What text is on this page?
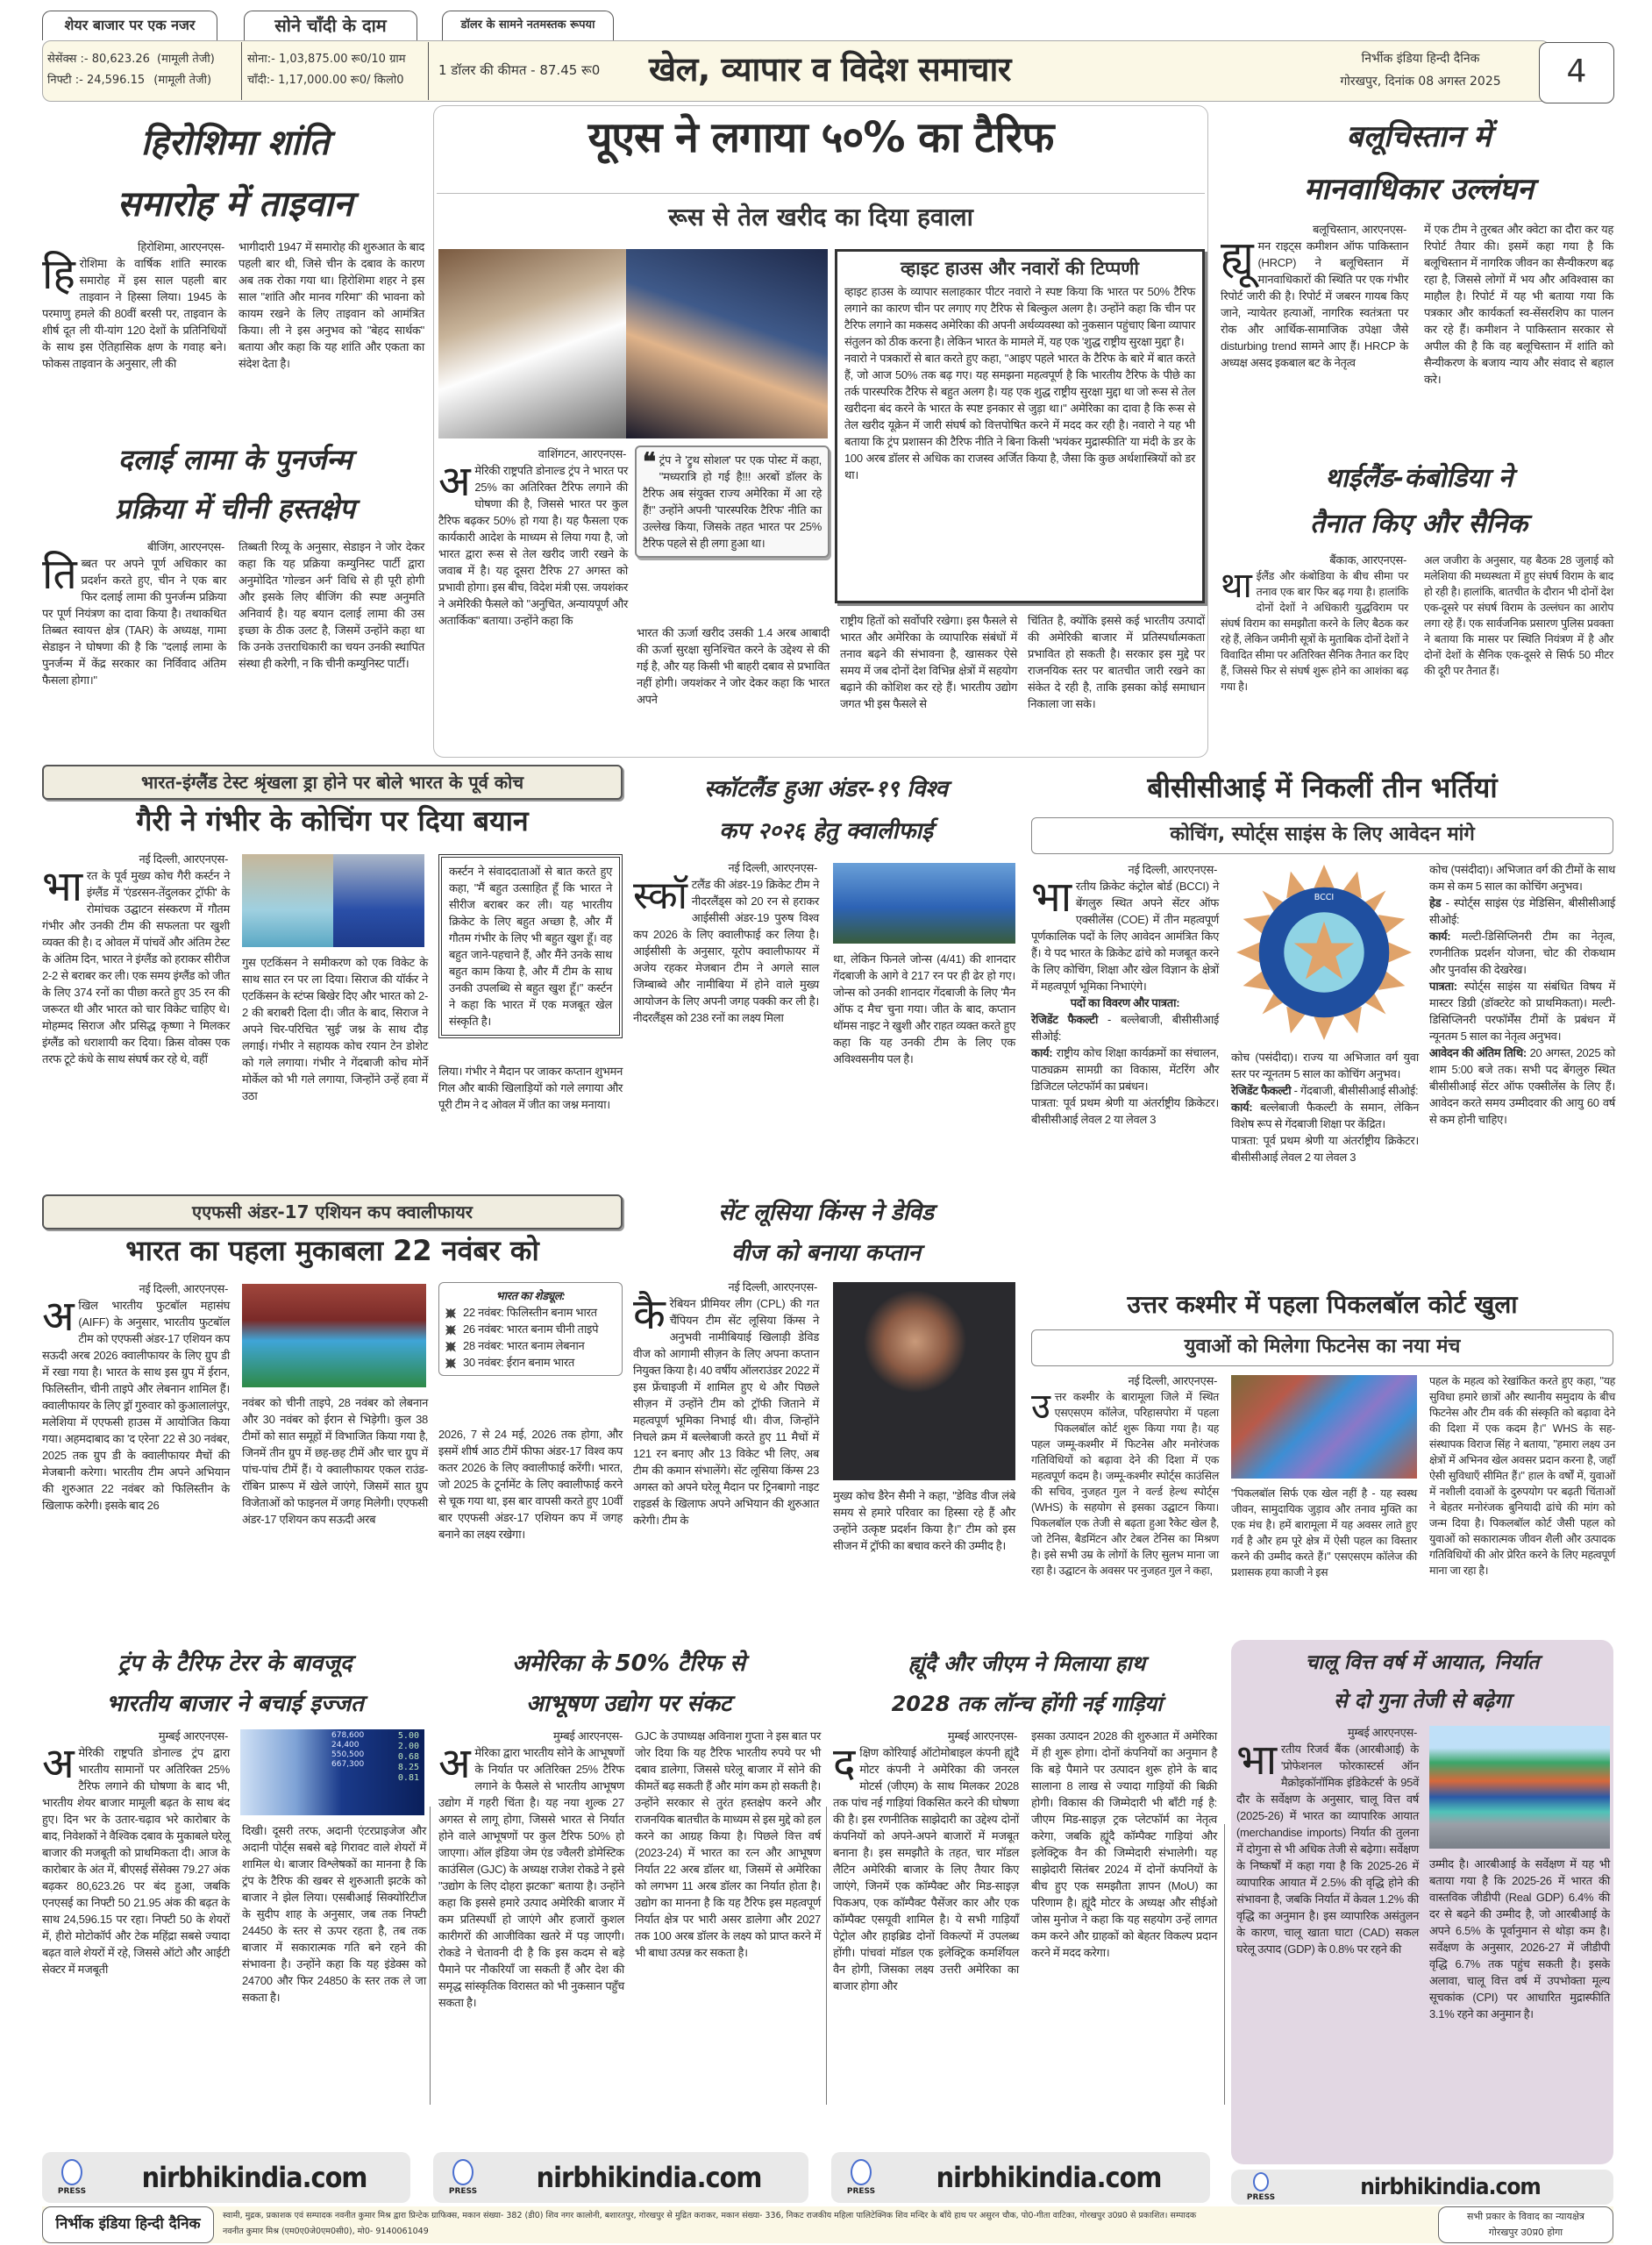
शेयर बाजार पर एक नजर	सोने चाँदी के दाम	डॉलर के सामने नतमस्तक रूपया
सेसेंक्स :- 80,623.26 (मामूली तेजी)
निफ्टी :- 24,596.15 (मामूली तेजी)
सोना:- 1,03,875.00 रू0/10 ग्राम
चाँदी:- 1,17,000.00 रू0/ किलो0
1 डॉलर की कीमत - 87.45 रू0	खेल, व्यापार व विदेश समाचार	निर्भीक इंडिया हिन्दी दैनिक
गोरखपुर, दिनांक 08 अगस्त 2025	4
हिरोशिमा शांति
समारोह में ताइवान
हिरोशिमा, आरएनएस-
हि रोशिमा के वार्षिक शांति स्मारक समारोह में इस साल पहली बार ताइवान ने हिस्सा लिया। 1945 के परमाणु हमले की 80वीं बरसी पर, ताइवान के शीर्ष दूत ली यी-यांग 120 देशों के प्रतिनिधियों के साथ इस ऐतिहासिक क्षण के गवाह बने। फोकस ताइवान के अनुसार, ली की
भागीदारी 1947 में समारोह की शुरुआत के बाद पहली बार थी, जिसे चीन के दबाव के कारण अब तक रोका गया था। हिरोशिमा शहर ने इस साल "शांति और मानव गरिमा" की भावना को कायम रखने के लिए ताइवान को आमंत्रित किया। ली ने इस अनुभव को "बेहद सार्थक" बताया और कहा कि यह शांति और एकता का संदेश देता है।
दलाई लामा के पुनर्जन्म
प्रक्रिया में चीनी हस्तक्षेप
बीजिंग, आरएनएस-
ति ब्बत पर अपने पूर्ण अधिकार का प्रदर्शन करते हुए, चीन ने एक बार फिर दलाई लामा की पुनर्जन्म प्रक्रिया पर पूर्ण नियंत्रण का दावा किया है। तथाकथित तिब्बत स्वायत्त क्षेत्र (TAR) के अध्यक्ष, गामा सेडाइन ने घोषणा की है कि "दलाई लामा के पुनर्जन्म में केंद्र सरकार का निर्विवाद अंतिम फैसला होगा।"
तिब्बती रिव्यू के अनुसार, सेडाइन ने जोर देकर कहा कि यह प्रक्रिया कम्युनिस्ट पार्टी द्वारा अनुमोदित 'गोल्डन अर्न' विधि से ही पूरी होगी और इसके लिए बीजिंग की स्पष्ट अनुमति अनिवार्य है। यह बयान दलाई लामा की उस इच्छा के ठीक उलट है, जिसमें उन्होंने कहा था कि उनके उत्तराधिकारी का चयन उनकी स्थापित संस्था ही करेगी, न कि चीनी कम्युनिस्ट पार्टी।
यूएस ने लगाया ५०% का टैरिफ
रूस से तेल खरीद का दिया हवाला
वाशिंगटन, आरएनएस-
अ मेरिकी राष्ट्रपति डोनाल्ड ट्रंप ने भारत पर 25% का अतिरिक्त टैरिफ लगाने की घोषणा की है, जिससे भारत पर कुल टैरिफ बढ़कर 50% हो गया है। यह फैसला एक कार्यकारी आदेश के माध्यम से लिया गया है, जो भारत द्वारा रूस से तेल खरीद जारी रखने के जवाब में है। यह दूसरा टैरिफ 27 अगस्त को प्रभावी होगा। इस बीच, विदेश मंत्री एस. जयशंकर ने अमेरिकी फैसले को "अनुचित, अन्यायपूर्ण और अतार्किक" बताया। उन्होंने कहा कि
❝ ट्रंप ने 'ट्रुथ सोशल' पर एक पोस्ट में कहा, "मध्यरात्रि हो गई है!!! अरबों डॉलर के टैरिफ अब संयुक्त राज्य अमेरिका में आ रहे हैं!" उन्होंने अपनी 'पारस्परिक टैरिफ' नीति का उल्लेख किया, जिसके तहत भारत पर 25% टैरिफ पहले से ही लगा हुआ था।
भारत की ऊर्जा खरीद उसकी 1.4 अरब आबादी की ऊर्जा सुरक्षा सुनिश्चित करने के उद्देश्य से की गई है, और यह किसी भी बाहरी दबाव से प्रभावित नहीं होगी। जयशंकर ने जोर देकर कहा कि भारत अपने
व्हाइट हाउस और नवारों की टिप्पणी

व्हाइट हाउस के व्यापार सलाहकार पीटर नवारो ने स्पष्ट किया कि भारत पर 50% टैरिफ लगाने का कारण चीन पर लगाए गए टैरिफ से बिल्कुल अलग है। उन्होंने कहा कि चीन पर टैरिफ लगाने का मकसद अमेरिका की अपनी अर्थव्यवस्था को नुकसान पहुंचाए बिना व्यापार संतुलन को ठीक करना है। लेकिन भारत के मामले में, यह एक 'शुद्ध राष्ट्रीय सुरक्षा मुद्दा' है।

नवारो ने पत्रकारों से बात करते हुए कहा, "आइए पहले भारत के टैरिफ के बारे में बात करते हैं, जो आज 50% तक बढ़ गए। यह समझना महत्वपूर्ण है कि भारतीय टैरिफ के पीछे का तर्क पारस्परिक टैरिफ से बहुत अलग है। यह एक शुद्ध राष्ट्रीय सुरक्षा मुद्दा था जो रूस से तेल खरीदना बंद करने के भारत के स्पष्ट इनकार से जुड़ा था।" अमेरिका का दावा है कि रूस से तेल खरीद यूक्रेन में जारी संघर्ष को वित्तपोषित करने में मदद कर रही है। नवारो ने यह भी बताया कि ट्रंप प्रशासन की टैरिफ नीति ने बिना किसी 'भयंकर मुद्रास्फीति' या मंदी के डर के 100 अरब डॉलर से अधिक का राजस्व अर्जित किया है, जैसा कि कुछ अर्थशास्त्रियों को डर था।

राष्ट्रीय हितों को सर्वोपरि रखेगा। इस फैसले से भारत और अमेरिका के व्यापारिक संबंधों में तनाव बढ़ने की संभावना है, खासकर ऐसे समय में जब दोनों देश विभिन्न क्षेत्रों में सहयोग बढ़ाने की कोशिश कर रहे हैं। भारतीय उद्योग जगत भी इस फैसले से
चिंतित है, क्योंकि इससे कई भारतीय उत्पादों की अमेरिकी बाजार में प्रतिस्पर्धात्मकता प्रभावित हो सकती है। सरकार इस मुद्दे पर राजनयिक स्तर पर बातचीत जारी रखने का संकेत दे रही है, ताकि इसका कोई समाधान निकाला जा सके।
बलूचिस्तान में
मानवाधिकार उल्लंघन
बलूचिस्तान, आरएनएस-
ह्यू मन राइट्स कमीशन ऑफ पाकिस्तान (HRCP) ने बलूचिस्तान में मानवाधिकारों की स्थिति पर एक गंभीर रिपोर्ट जारी की है। रिपोर्ट में जबरन गायब किए जाने, न्यायेतर हत्याओं, नागरिक स्वतंत्रता पर रोक और आर्थिक-सामाजिक उपेक्षा जैसे disturbing trend सामने आए हैं। HRCP के अध्यक्ष असद इकबाल बट के नेतृत्व
में एक टीम ने तुरबत और क्वेटा का दौरा कर यह रिपोर्ट तैयार की। इसमें कहा गया है कि बलूचिस्तान में नागरिक जीवन का सैन्यीकरण बढ़ रहा है, जिससे लोगों में भय और अविश्वास का माहौल है। रिपोर्ट में यह भी बताया गया कि पत्रकार और कार्यकर्ता स्व-सेंसरशिप का पालन कर रहे हैं। कमीशन ने पाकिस्तान सरकार से अपील की है कि वह बलूचिस्तान में शांति को सैन्यीकरण के बजाय न्याय और संवाद से बहाल करे।
थाईलैंड-कंबोडिया ने
तैनात किए और सैनिक
बैंकाक, आरएनएस-
था ईलैंड और कंबोडिया के बीच सीमा पर तनाव एक बार फिर बढ़ गया है। हालांकि दोनों देशों ने अधिकारी युद्धविराम पर संघर्ष विराम का समझौता करने के लिए बैठक कर रहे हैं, लेकिन जमीनी सूत्रों के मुताबिक दोनों देशों ने विवादित सीमा पर अतिरिक्त सैनिक तैनात कर दिए हैं, जिससे फिर से संघर्ष शुरू होने का आशंका बढ़ गया है।
अल जजीरा के अनुसार, यह बैठक 28 जुलाई को मलेशिया की मध्यस्थता में हुए संघर्ष विराम के बाद हो रही है। हालांकि, बातचीत के दौरान भी दोनों देश एक-दूसरे पर संघर्ष विराम के उल्लंघन का आरोप लगा रहे हैं। एक सार्वजनिक प्रसारण पुलिस प्रवक्ता ने बताया कि मासर पर स्थिति नियंत्रण में है और दोनों देशों के सैनिक एक-दूसरे से सिर्फ 50 मीटर की दूरी पर तैनात हैं।
भारत-इंग्लैंड टेस्ट श्रृंखला ड्रा होने पर बोले भारत के पूर्व कोच
गैरी ने गंभीर के कोचिंग पर दिया बयान
नई दिल्ली, आरएनएस-
भा रत के पूर्व मुख्य कोच गैरी कर्स्टन ने इंग्लैंड में 'एंडरसन-तेंदुलकर ट्रॉफी' के रोमांचक उद्घाटन संस्करण में गौतम गंभीर और उनकी टीम की सफलता पर खुशी व्यक्त की है। द ओवल में पांचवें और अंतिम टेस्ट के अंतिम दिन, भारत ने इंग्लैंड को हराकर सीरीज 2-2 से बराबर कर ली। एक समय इंग्लैंड को जीत के लिए 374 रनों का पीछा करते हुए 35 रन की जरूरत थी और भारत को चार विकेट चाहिए थे। मोहम्मद सिराज और प्रसिद्ध कृष्णा ने मिलकर इंग्लैंड को धराशायी कर दिया। क्रिस वोक्स एक तरफ टूटे कंधे के साथ संघर्ष कर रहे थे, वहीं
गुस एटकिंसन ने समीकरण को एक विकेट के साथ सात रन पर ला दिया। सिराज की यॉर्कर ने एटकिंसन के स्टंप्स बिखेर दिए और भारत को 2-2 की बराबरी दिला दी। जीत के बाद, सिराज ने अपने चिर-परिचित 'सुई' जश्न के साथ दौड़ लगाई। गंभीर ने सहायक कोच रयान टेन डोशेट को गले लगाया। गंभीर ने गेंदबाजी कोच मोर्ने मोर्केल को भी गले लगाया, जिन्होंने उन्हें हवा में उठा
कर्स्टन ने संवाददाताओं से बात करते हुए कहा, "मैं बहुत उत्साहित हूँ कि भारत ने सीरीज बराबर कर ली। यह भारतीय क्रिकेट के लिए बहुत अच्छा है, और मैं गौतम गंभीर के लिए भी बहुत खुश हूँ। वह बहुत जाने-पहचाने हैं, और मैंने उनके साथ बहुत काम किया है, और मैं टीम के साथ उनकी उपलब्धि से बहुत खुश हूँ।" कर्स्टन ने कहा कि भारत में एक मजबूत खेल संस्कृति है।
लिया। गंभीर ने मैदान पर जाकर कप्तान शुभमन गिल और बाकी खिलाड़ियों को गले लगाया और पूरी टीम ने द ओवल में जीत का जश्न मनाया।
स्कॉटलैंड हुआ अंडर-१९ विश्व
कप २०२६ हेतु क्वालीफाई
नई दिल्ली, आरएनएस-
स्कॉ टलैंड की अंडर-19 क्रिकेट टीम ने नीदरलैंड्स को 20 रन से हराकर आईसीसी अंडर-19 पुरुष विश्व कप 2026 के लिए क्वालीफाई कर लिया है। आईसीसी के अनुसार, यूरोप क्वालीफायर में अजेय रहकर मेजबान टीम ने अगले साल जिम्बाब्वे और नामीबिया में होने वाले मुख्य आयोजन के लिए अपनी जगह पक्की कर ली है। नीदरलैंड्स को 238 रनों का लक्ष्य मिला
था, लेकिन फिनले जोन्स (4/41) की शानदार गेंदबाजी के आगे वे 217 रन पर ही ढेर हो गए। जोन्स को उनकी शानदार गेंदबाजी के लिए 'मैन ऑफ द मैच' चुना गया। जीत के बाद, कप्तान थॉमस नाइट ने खुशी और राहत व्यक्त करते हुए कहा कि यह उनकी टीम के लिए एक अविश्वसनीय पल है।
बीसीसीआई में निकलीं तीन भर्तियां
कोचिंग, स्पोर्ट्स साइंस के लिए आवेदन मांगे
नई दिल्ली, आरएनएस-
भा रतीय क्रिकेट कंट्रोल बोर्ड (BCCI) ने बेंगलुरु स्थित अपने सेंटर ऑफ एक्सीलेंस (COE) में तीन महत्वपूर्ण पूर्णकालिक पदों के लिए आवेदन आमंत्रित किए हैं। ये पद भारत के क्रिकेट ढांचे को मजबूत करने के लिए कोचिंग, शिक्षा और खेल विज्ञान के क्षेत्रों में महत्वपूर्ण भूमिका निभाएंगे।
पदों का विवरण और पात्रता:
रेजिडेंट फैकल्टी - बल्लेबाजी, बीसीसीआई सीओई:
कार्य: राष्ट्रीय कोच शिक्षा कार्यक्रमों का संचालन, पाठ्यक्रम सामग्री का विकास, मेंटरिंग और डिजिटल प्लेटफॉर्म का प्रबंधन।
पात्रता: पूर्व प्रथम श्रेणी या अंतर्राष्ट्रीय क्रिकेटर। बीसीसीआई लेवल 2 या लेवल 3
BCCI
कोच (पसंदीदा)। राज्य या अभिजात वर्ग युवा स्तर पर न्यूनतम 5 साल का कोचिंग अनुभव।
रेजिडेंट फैकल्टी - गेंदबाजी, बीसीसीआई सीओई:
कार्य: बल्लेबाजी फैकल्टी के समान, लेकिन विशेष रूप से गेंदबाजी शिक्षा पर केंद्रित।
पात्रता: पूर्व प्रथम श्रेणी या अंतर्राष्ट्रीय क्रिकेटर। बीसीसीआई लेवल 2 या लेवल 3
कोच (पसंदीदा)। अभिजात वर्ग की टीमों के साथ कम से कम 5 साल का कोचिंग अनुभव।
हेड - स्पोर्ट्स साइंस एंड मेडिसिन, बीसीसीआई सीओई:
कार्य: मल्टी-डिसिप्लिनरी टीम का नेतृत्व, रणनीतिक प्रदर्शन योजना, चोट की रोकथाम और पुनर्वास की देखरेख।
पात्रता: स्पोर्ट्स साइंस या संबंधित विषय में मास्टर डिग्री (डॉक्टरेट को प्राथमिकता)। मल्टी-डिसिप्लिनरी परफॉर्मेंस टीमों के प्रबंधन में न्यूनतम 5 साल का नेतृत्व अनुभव।
आवेदन की अंतिम तिथि: 20 अगस्त, 2025 को शाम 5:00 बजे तक। सभी पद बेंगलुरु स्थित बीसीसीआई सेंटर ऑफ एक्सीलेंस के लिए हैं। आवेदन करते समय उम्मीदवार की आयु 60 वर्ष से कम होनी चाहिए।
एएफसी अंडर-17 एशियन कप क्वालीफायर
भारत का पहला मुकाबला 22 नवंबर को
नई दिल्ली, आरएनएस-
अ खिल भारतीय फुटबॉल महासंघ (AIFF) के अनुसार, भारतीय फुटबॉल टीम को एएफसी अंडर-17 एशियन कप सऊदी अरब 2026 क्वालीफायर के लिए ग्रुप डी में रखा गया है। भारत के साथ इस ग्रुप में ईरान, फिलिस्तीन, चीनी ताइपे और लेबनान शामिल हैं। क्वालीफायर के लिए ड्रॉ गुरुवार को कुआलालंपुर, मलेशिया में एएफसी हाउस में आयोजित किया गया। अहमदाबाद का 'द एरेना' 22 से 30 नवंबर, 2025 तक ग्रुप डी के क्वालीफायर मैचों की मेजबानी करेगा। भारतीय टीम अपने अभियान की शुरुआत 22 नवंबर को फिलिस्तीन के खिलाफ करेगी। इसके बाद 26
नवंबर को चीनी ताइपे, 28 नवंबर को लेबनान और 30 नवंबर को ईरान से भिड़ेगी। कुल 38 टीमों को सात समूहों में विभाजित किया गया है, जिनमें तीन ग्रुप में छह-छह टीमें और चार ग्रुप में पांच-पांच टीमें हैं। ये क्वालीफायर एकल राउंड-रॉबिन प्रारूप में खेले जाएंगे, जिसमें सात ग्रुप विजेताओं को फाइनल में जगह मिलेगी। एएफसी अंडर-17 एशियन कप सऊदी अरब
भारत का शेड्यूल:
22 नवंबर: फिलिस्तीन बनाम भारत
26 नवंबर: भारत बनाम चीनी ताइपे
28 नवंबर: भारत बनाम लेबनान
30 नवंबर: ईरान बनाम भारत
2026, 7 से 24 मई, 2026 तक होगा, और इसमें शीर्ष आठ टीमें फीफा अंडर-17 विश्व कप कतर 2026 के लिए क्वालीफाई करेंगी। भारत, जो 2025 के टूर्नामेंट के लिए क्वालीफाई करने से चूक गया था, इस बार वापसी करते हुए 10वीं बार एएफसी अंडर-17 एशियन कप में जगह बनाने का लक्ष्य रखेगा।
सेंट लूसिया किंग्स ने डेविड
वीज को बनाया कप्तान
नई दिल्ली, आरएनएस-
कै रेबियन प्रीमियर लीग (CPL) की गत चैंपियन टीम सेंट लूसिया किंग्स ने अनुभवी नामीबियाई खिलाड़ी डेविड वीज को आगामी सीज़न के लिए अपना कप्तान नियुक्त किया है। 40 वर्षीय ऑलराउंडर 2022 में इस फ्रेंचाइजी में शामिल हुए थे और पिछले सीज़न में उन्होंने टीम को ट्रॉफी जिताने में महत्वपूर्ण भूमिका निभाई थी। वीज, जिन्होंने निचले क्रम में बल्लेबाजी करते हुए 11 मैचों में 121 रन बनाए और 13 विकेट भी लिए, अब टीम की कमान संभालेंगे। सेंट लूसिया किंग्स 23 अगस्त को अपने घरेलू मैदान पर ट्रिनबागो नाइट राइडर्स के खिलाफ अपने अभियान की शुरुआत करेगी। टीम के
मुख्य कोच डैरेन सैमी ने कहा, "डेविड वीज लंबे समय से हमारे परिवार का हिस्सा रहे हैं और उन्होंने उत्कृष्ट प्रदर्शन किया है।" टीम को इस सीजन में ट्रॉफी का बचाव करने की उम्मीद है।
उत्तर कश्मीर में पहला पिकलबॉल कोर्ट खुला
युवाओं को मिलेगा फिटनेस का नया मंच
नई दिल्ली, आरएनएस-
उ त्तर कश्मीर के बारामूला जिले में स्थित एसएसएम कॉलेज, परिहासपोरा में पहला पिकलबॉल कोर्ट शुरू किया गया है। यह पहल जम्मू-कश्मीर में फिटनेस और मनोरंजक गतिविधियों को बढ़ावा देने की दिशा में एक महत्वपूर्ण कदम है। जम्मू-कश्मीर स्पोर्ट्स काउंसिल की सचिव, नुजहत गुल ने वर्ल्ड हेल्थ स्पोर्ट्स (WHS) के सहयोग से इसका उद्घाटन किया। पिकलबॉल एक तेजी से बढ़ता हुआ रैकेट खेल है, जो टेनिस, बैडमिंटन और टेबल टेनिस का मिश्रण है। इसे सभी उम्र के लोगों के लिए सुलभ माना जा रहा है। उद्घाटन के अवसर पर नुजहत गुल ने कहा,
"पिकलबॉल सिर्फ एक खेल नहीं है - यह स्वस्थ जीवन, सामुदायिक जुड़ाव और तनाव मुक्ति का एक मंच है। हमें बारामूला में यह अवसर लाते हुए गर्व है और हम पूरे क्षेत्र में ऐसी पहल का विस्तार करने की उम्मीद करते हैं।" एसएसएम कॉलेज की प्रशासक हया काजी ने इस
पहल के महत्व को रेखांकित करते हुए कहा, "यह सुविधा हमारे छात्रों और स्थानीय समुदाय के बीच फिटनेस और टीम वर्क की संस्कृति को बढ़ावा देने की दिशा में एक कदम है।" WHS के सह-संस्थापक विराज सिंह ने बताया, "हमारा लक्ष्य उन क्षेत्रों में अभिनव खेल अवसर प्रदान करना है, जहाँ ऐसी सुविधाएँ सीमित हैं।" हाल के वर्षों में, युवाओं में नशीली दवाओं के दुरुपयोग पर बढ़ती चिंताओं ने बेहतर मनोरंजक बुनियादी ढांचे की मांग को जन्म दिया है। पिकलबॉल कोर्ट जैसी पहल को युवाओं को सकारात्मक जीवन शैली और उत्पादक गतिविधियों की ओर प्रेरित करने के लिए महत्वपूर्ण माना जा रहा है।
ट्रंप के टैरिफ टेरर के बावजूद
भारतीय बाजार ने बचाई इज्जत
मुम्बई आरएनएस-
अ मेरिकी राष्ट्रपति डोनाल्ड ट्रंप द्वारा भारतीय सामानों पर अतिरिक्त 25% टैरिफ लगाने की घोषणा के बाद भी, भारतीय शेयर बाजार मामूली बढ़त के साथ बंद हुए। दिन भर के उतार-चढ़ाव भरे कारोबार के बाद, निवेशकों ने वैश्विक दबाव के मुकाबले घरेलू बाजार की मजबूती को प्राथमिकता दी। आज के कारोबार के अंत में, बीएसई सेंसेक्स 79.27 अंक बढ़कर 80,623.26 पर बंद हुआ, जबकि एनएसई का निफ्टी 50 21.95 अंक की बढ़त के साथ 24,596.15 पर रहा। निफ्टी 50 के शेयरों में, हीरो मोटोकॉर्प और टेक महिंद्रा सबसे ज्यादा बढ़त वाले शेयरों में रहे, जिससे ऑटो और आईटी सेक्टर में मजबूती
5.00
2.00
0.68
8.25
0.81
678,600
24,400
550,500
667,300
दिखी। दूसरी तरफ, अदानी एंटरप्राइजेज और अदानी पोर्ट्स सबसे बड़े गिरावट वाले शेयरों में शामिल थे। बाजार विश्लेषकों का मानना है कि ट्रंप के टैरिफ की खबर से शुरुआती झटके को बाजार ने झेल लिया। एसबीआई सिक्योरिटीज के सुदीप शाह के अनुसार, जब तक निफ्टी 24450 के स्तर से ऊपर रहता है, तब तक बाजार में सकारात्मक गति बने रहने की संभावना है। उन्होंने कहा कि यह इंडेक्स को 24700 और फिर 24850 के स्तर तक ले जा सकता है।
अमेरिका के 50% टैरिफ से
आभूषण उद्योग पर संकट
मुम्बई आरएनएस-
अ मेरिका द्वारा भारतीय सोने के आभूषणों के निर्यात पर अतिरिक्त 25% टैरिफ लगाने के फैसले से भारतीय आभूषण उद्योग में गहरी चिंता है। यह नया शुल्क 27 अगस्त से लागू होगा, जिससे भारत से निर्यात होने वाले आभूषणों पर कुल टैरिफ 50% हो जाएगा। ऑल इंडिया जेम एंड ज्वैलरी डोमेस्टिक काउंसिल (GJC) के अध्यक्ष राजेश रोकडे ने इसे "उद्योग के लिए दोहरा झटका" बताया है। उन्होंने कहा कि इससे हमारे उत्पाद अमेरिकी बाजार में कम प्रतिस्पर्धी हो जाएंगे और हजारों कुशल कारीगरों की आजीविका खतरे में पड़ जाएगी। रोकडे ने चेतावनी दी है कि इस कदम से बड़े पैमाने पर नौकरियाँ जा सकती हैं और देश की समृद्ध सांस्कृतिक विरासत को भी नुकसान पहुँच सकता है।
GJC के उपाध्यक्ष अविनाश गुप्ता ने इस बात पर जोर दिया कि यह टैरिफ भारतीय रुपये पर भी दबाव डालेगा, जिससे घरेलू बाजार में सोने की कीमतें बढ़ सकती हैं और मांग कम हो सकती है। उन्होंने सरकार से तुरंत हस्तक्षेप करने और राजनयिक बातचीत के माध्यम से इस मुद्दे को हल करने का आग्रह किया है। पिछले वित्त वर्ष (2023-24) में भारत का रत्न और आभूषण निर्यात 22 अरब डॉलर था, जिसमें से अमेरिका को लगभग 11 अरब डॉलर का निर्यात होता है। उद्योग का मानना है कि यह टैरिफ इस महत्वपूर्ण निर्यात क्षेत्र पर भारी असर डालेगा और 2027 तक 100 अरब डॉलर के लक्ष्य को प्राप्त करने में भी बाधा उत्पन्न कर सकता है।
ह्यूंदै और जीएम ने मिलाया हाथ
2028 तक लॉन्च होंगी नई गाड़ियां
मुम्बई आरएनएस-
द क्षिण कोरियाई ऑटोमोबाइल कंपनी ह्यूंदै मोटर कंपनी ने अमेरिका की जनरल मोटर्स (जीएम) के साथ मिलकर 2028 तक पांच नई गाड़ियां विकसित करने की घोषणा की है। इस रणनीतिक साझेदारी का उद्देश्य दोनों कंपनियों को अपने-अपने बाजारों में मजबूत बनाना है। इस समझौते के तहत, चार मॉडल लैटिन अमेरिकी बाजार के लिए तैयार किए जाएंगे, जिनमें एक कॉम्पैक्ट और मिड-साइज़ पिकअप, एक कॉम्पैक्ट पैसेंजर कार और एक कॉम्पैक्ट एसयूवी शामिल है। ये सभी गाड़ियाँ पेट्रोल और हाइब्रिड दोनों विकल्पों में उपलब्ध होंगी। पांचवां मॉडल एक इलेक्ट्रिक कमर्शियल वैन होगी, जिसका लक्ष्य उत्तरी अमेरिका का बाजार होगा और
इसका उत्पादन 2028 की शुरुआत में अमेरिका में ही शुरू होगा। दोनों कंपनियों का अनुमान है कि बड़े पैमाने पर उत्पादन शुरू होने के बाद सालाना 8 लाख से ज्यादा गाड़ियों की बिक्री होगी। विकास की जिम्मेदारी भी बाँटी गई है: जीएम मिड-साइज़ ट्रक प्लेटफॉर्म का नेतृत्व करेगा, जबकि ह्यूंदै कॉम्पैक्ट गाड़ियां और इलेक्ट्रिक वैन की जिम्मेदारी संभालेगी। यह साझेदारी सितंबर 2024 में दोनों कंपनियों के बीच हुए एक समझौता ज्ञापन (MoU) का परिणाम है। ह्यूंदै मोटर के अध्यक्ष और सीईओ जोस मुनोज ने कहा कि यह सहयोग उन्हें लागत कम करने और ग्राहकों को बेहतर विकल्प प्रदान करने में मदद करेगा।
चालू वित्त वर्ष में आयात, निर्यात
से दो गुना तेजी से बढ़ेगा
मुम्बई आरएनएस-
भा रतीय रिजर्व बैंक (आरबीआई) के 'प्रोफेशनल फोरकास्टर्स ऑन मैक्रोइकॉनॉमिक इंडिकेटर्स' के 95वें दौर के सर्वेक्षण के अनुसार, चालू वित्त वर्ष (2025-26) में भारत का व्यापारिक आयात (merchandise imports) निर्यात की तुलना में दोगुना से भी अधिक तेजी से बढ़ेगा। सर्वेक्षण के निष्कर्षों में कहा गया है कि 2025-26 में व्यापारिक आयात में 2.5% की वृद्धि होने की संभावना है, जबकि निर्यात में केवल 1.2% की वृद्धि का अनुमान है। इस व्यापारिक असंतुलन के कारण, चालू खाता घाटा (CAD) सकल घरेलू उत्पाद (GDP) के 0.8% पर रहने की
उम्मीद है। आरबीआई के सर्वेक्षण में यह भी बताया गया है कि 2025-26 में भारत की वास्तविक जीडीपी (Real GDP) 6.4% की दर से बढ़ने की उम्मीद है, जो आरबीआई के अपने 6.5% के पूर्वानुमान से थोड़ा कम है। सर्वेक्षण के अनुसार, 2026-27 में जीडीपी वृद्धि 6.7% तक पहुंच सकती है। इसके अलावा, चालू वित्त वर्ष में उपभोक्ता मूल्य सूचकांक (CPI) पर आधारित मुद्रास्फीति 3.1% रहने का अनुमान है।
PRESS	nirbhikindia.com	PRESS	nirbhikindia.com	PRESS	nirbhikindia.com
PRESS	nirbhikindia.com
निर्भीक इंडिया हिन्दी दैनिक	स्वामी, मुद्रक, प्रकाशक एवं सम्पादक नवनीत कुमार मिश्र द्वारा प्रिन्टेक ग्राफिक्स, मकान संख्या- 382 (डी0) शिव नगर कालोनी, बशारतपुर, गोरखपुर से मुद्रित कराकर, मकान संख्या- 336, निकट राजकीय महिला पालिटेक्निक शिव मन्दिर के बाँये हाथ पर असुरन चौक, पो0-गीता वाटिका, गोरखपुर उ0प्र0 से प्रकाशित। सम्पादक
नवनीत कुमार मिश्र (एम0ए0जे0एम0सी0), मो0- 9140061049
सभी प्रकार के विवाद का न्यायक्षेत्र
गोरखपुर उ0प्र0 होगा
